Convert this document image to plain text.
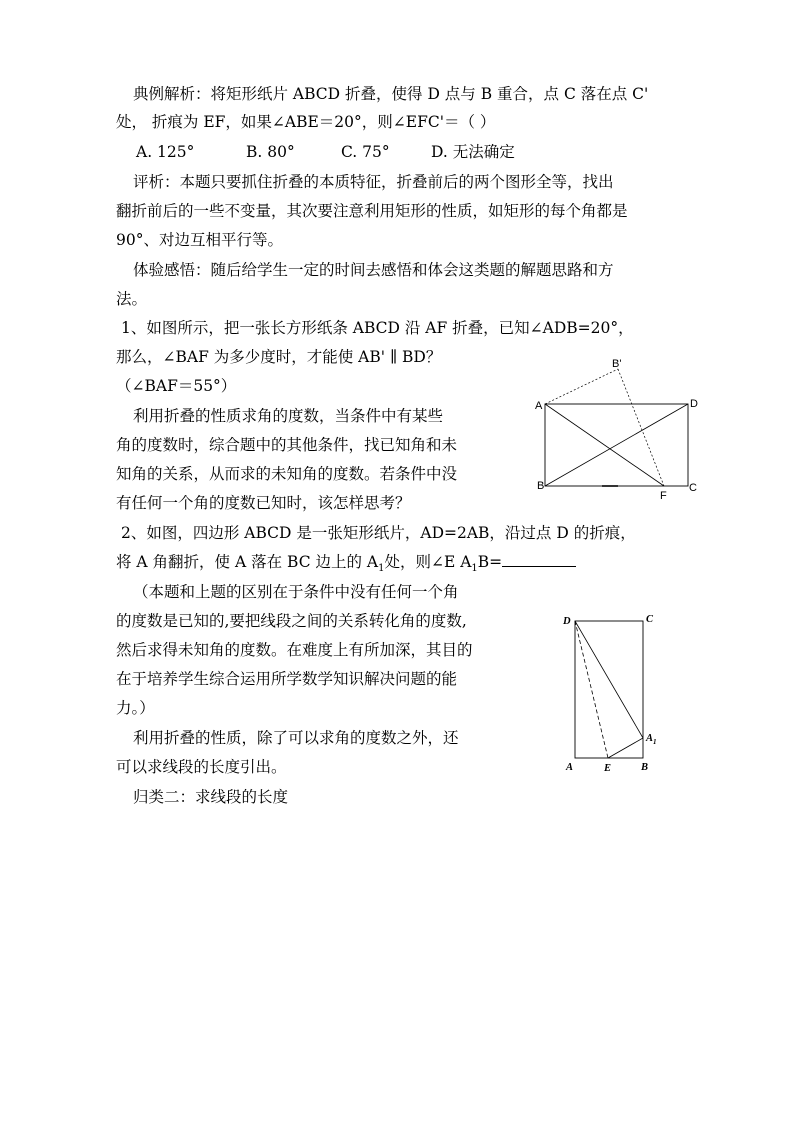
典例解析：将矩形纸片 ABCD 折叠，使得 D 点与 B 重合，点 C 落在点 C'
处， 折痕为 EF，如果∠ABE＝20°，则∠EFC'＝（ ）
A. 125°	B. 80°	C. 75°	D. 无法确定
评析：本题只要抓住折叠的本质特征，折叠前后的两个图形全等，找出
翻折前后的一些不变量，其次要注意利用矩形的性质，如矩形的每个角都是
90°、对边互相平行等。
体验感悟：随后给学生一定的时间去感悟和体会这类题的解题思路和方
法。
1、如图所示，把一张长方形纸条 ABCD 沿 AF 折叠，已知∠ADB=20°，
那么，∠BAF 为多少度时，才能使 AB' ∥ BD？
（∠BAF＝55°）
利用折叠的性质求角的度数，当条件中有某些
角的度数时，综合题中的其他条件，找已知角和未
知角的关系，从而求的未知角的度数。若条件中没
有任何一个角的度数已知时，该怎样思考？
2、如图，四边形 ABCD 是一张矩形纸片，AD=2AB，沿过点 D 的折痕，
将 A 角翻折，使 A 落在 BC 边上的 $A_1$处，则∠E $A_1B=$
（本题和上题的区别在于条件中没有任何一个角
的度数是已知的,要把线段之间的关系转化角的度数,
然后求得未知角的度数。在难度上有所加深，其目的
在于培养学生综合运用所学数学知识解决问题的能
力。）
利用折叠的性质，除了可以求角的度数之外，还
可以求线段的长度引出。
归类二：求线段的长度
A	D
B	C
F
B'
D	C
A	E	B
$A_1$
